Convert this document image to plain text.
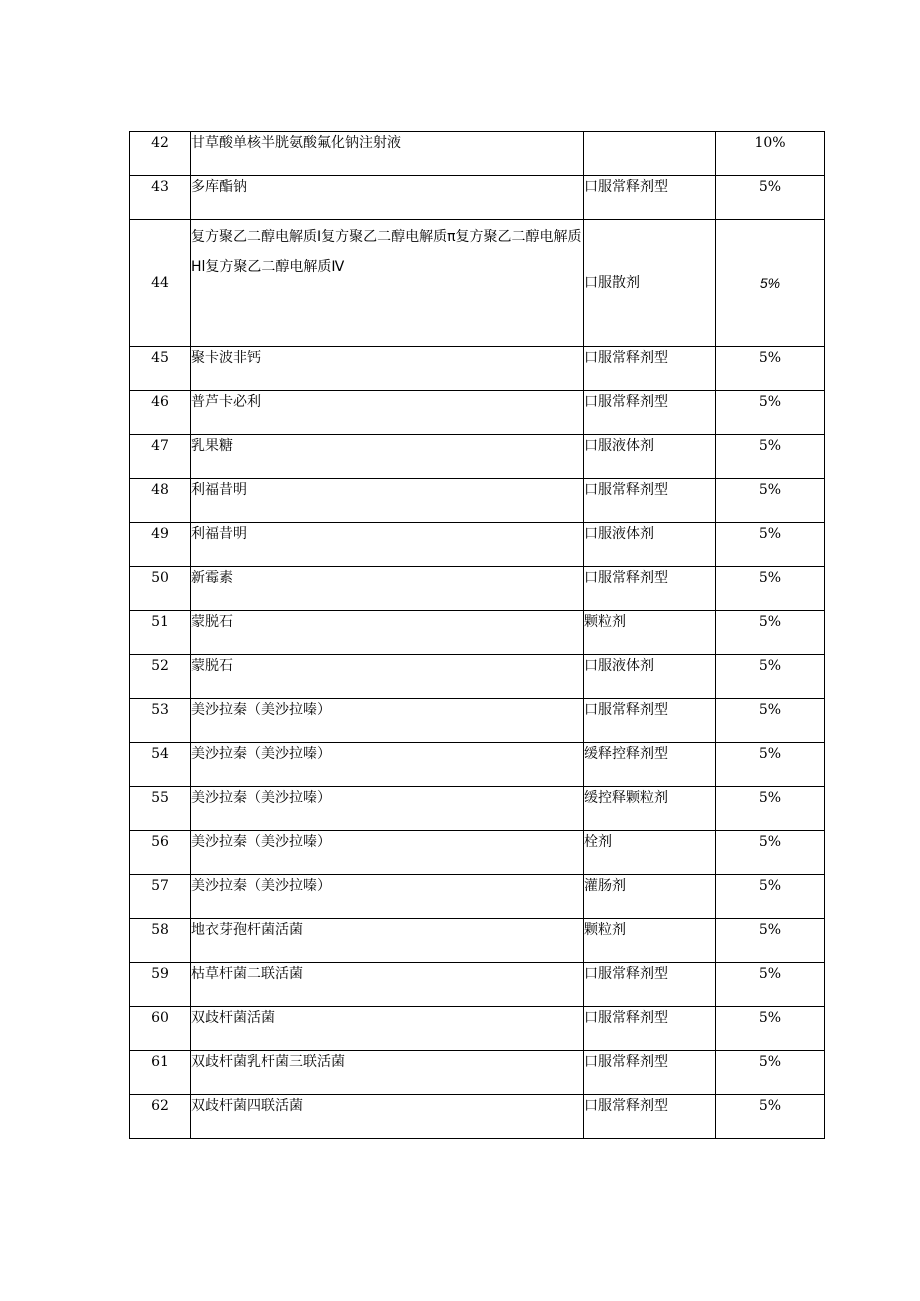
42	甘草酸单核半胱氨酸氟化钠注射液		10%
43	多库酯钠	口服常释剂型	5%
44	复方聚乙二醇电解质Ⅰ复方聚乙二醇电解质π复方聚乙二醇电解质Hl复方聚乙二醇电解质Ⅳ	口服散剂	5%
45	聚卡波非钙	口服常释剂型	5%
46	普芦卡必利	口服常释剂型	5%
47	乳果糖	口服液体剂	5%
48	利福昔明	口服常释剂型	5%
49	利福昔明	口服液体剂	5%
50	新霉素	口服常释剂型	5%
51	蒙脱石	颗粒剂	5%
52	蒙脱石	口服液体剂	5%
53	美沙拉秦（美沙拉嗪）	口服常释剂型	5%
54	美沙拉秦（美沙拉嗪）	缓释控释剂型	5%
55	美沙拉秦（美沙拉嗪）	缓控释颗粒剂	5%
56	美沙拉秦（美沙拉嗪）	栓剂	5%
57	美沙拉秦（美沙拉嗪）	灌肠剂	5%
58	地衣芽孢杆菌活菌	颗粒剂	5%
59	枯草杆菌二联活菌	口服常释剂型	5%
60	双歧杆菌活菌	口服常释剂型	5%
61	双歧杆菌乳杆菌三联活菌	口服常释剂型	5%
62	双歧杆菌四联活菌	口服常释剂型	5%
